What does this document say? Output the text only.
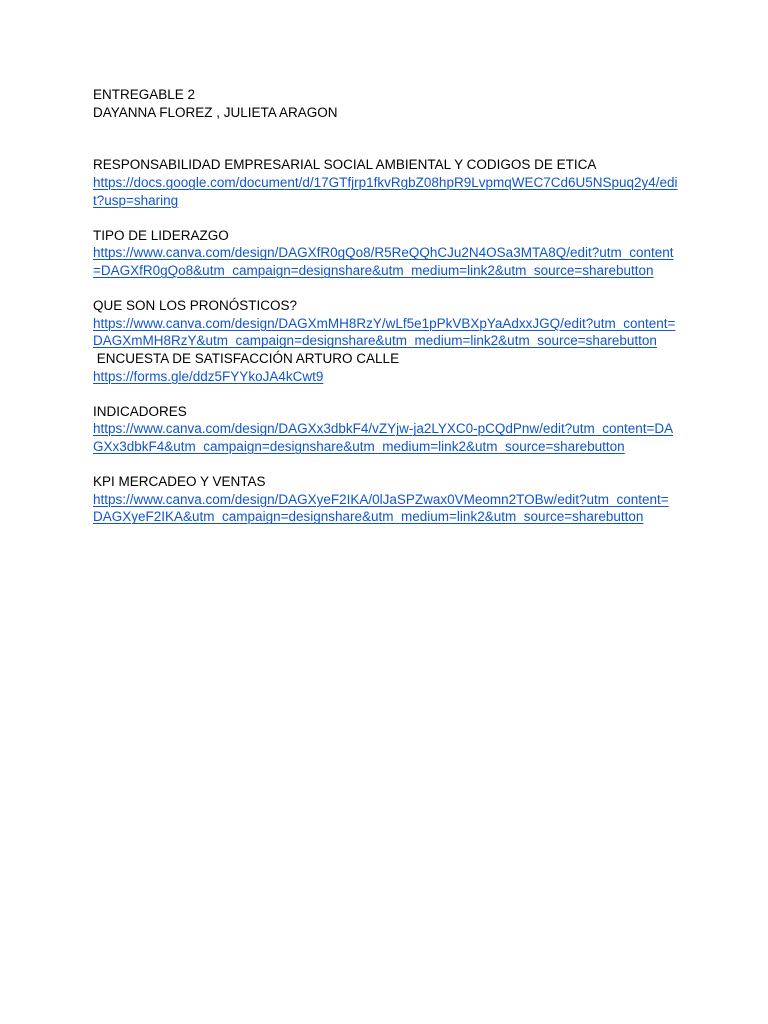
ENTREGABLE 2
DAYANNA FLOREZ , JULIETA ARAGON
RESPONSABILIDAD EMPRESARIAL SOCIAL AMBIENTAL Y CODIGOS DE ETICA
https://docs.google.com/document/d/17GTfjrp1fkvRgbZ08hpR9LvpmqWEC7Cd6U5NSpuq2y4/edit?usp=sharing
TIPO DE LIDERAZGO
https://www.canva.com/design/DAGXfR0gQo8/R5ReQQhCJu2N4OSa3MTA8Q/edit?utm_content=DAGXfR0gQo8&utm_campaign=designshare&utm_medium=link2&utm_source=sharebutton
QUE SON LOS PRONÓSTICOS?
https://www.canva.com/design/DAGXmMH8RzY/wLf5e1pPkVBXpYaAdxxJGQ/edit?utm_content=DAGXmMH8RzY&utm_campaign=designshare&utm_medium=link2&utm_source=sharebutton
ENCUESTA DE SATISFACCIÓN ARTURO CALLE
https://forms.gle/ddz5FYYkoJA4kCwt9
INDICADORES
https://www.canva.com/design/DAGXx3dbkF4/vZYjw-ja2LYXC0-pCQdPnw/edit?utm_content=DAGXx3dbkF4&utm_campaign=designshare&utm_medium=link2&utm_source=sharebutton
KPI MERCADEO Y VENTAS
https://www.canva.com/design/DAGXyeF2IKA/0lJaSPZwax0VMeomn2TOBw/edit?utm_content=DAGXyeF2IKA&utm_campaign=designshare&utm_medium=link2&utm_source=sharebutton
